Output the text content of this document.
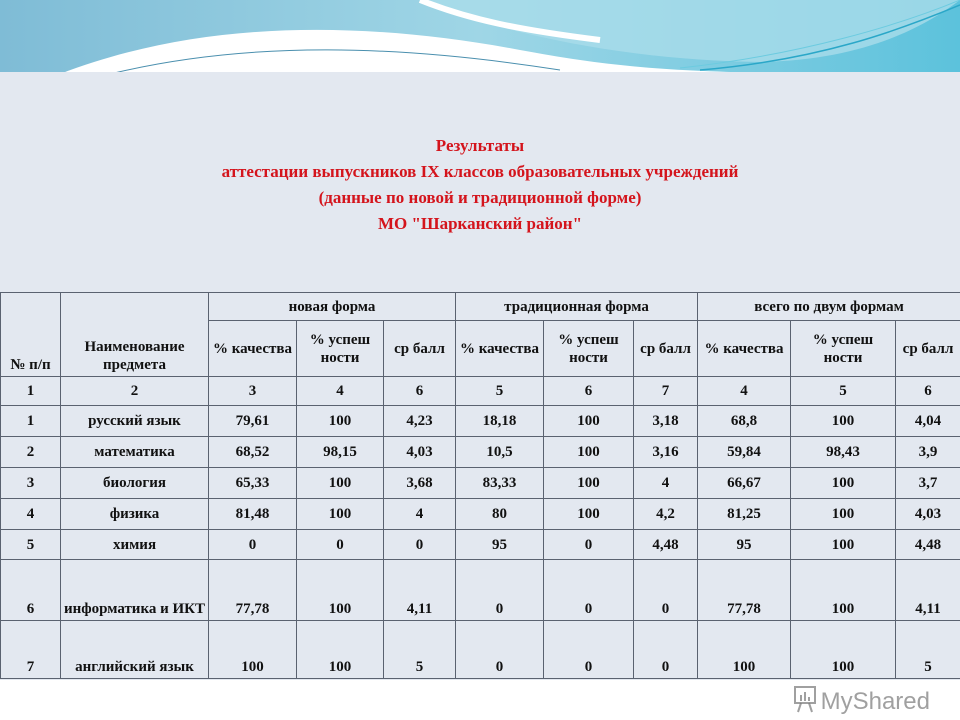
Результаты
аттестации выпускников IX классов образовательных учреждений
(данные по новой и традиционной форме)
МО "Шарканский район"
№ п/п	Наименование предмета	новая форма			традиционная форма			всего по двум формам		
		% качества	% успеш ности	ср балл	% качества	% успеш ности	ср балл	% качества	% успеш ности	ср балл
1	2	3	4	6	5	6	7	4	5	6
1	русский язык	79,61	100	4,23	18,18	100	3,18	68,8	100	4,04
2	математика	68,52	98,15	4,03	10,5	100	3,16	59,84	98,43	3,9
3	биология	65,33	100	3,68	83,33	100	4	66,67	100	3,7
4	физика	81,48	100	4	80	100	4,2	81,25	100	4,03
5	химия	0	0	0	95	0	4,48	95	100	4,48
6	информатика и ИКТ	77,78	100	4,11	0	0	0	77,78	100	4,11
7	английский язык	100	100	5	0	0	0	100	100	5
MyShared
